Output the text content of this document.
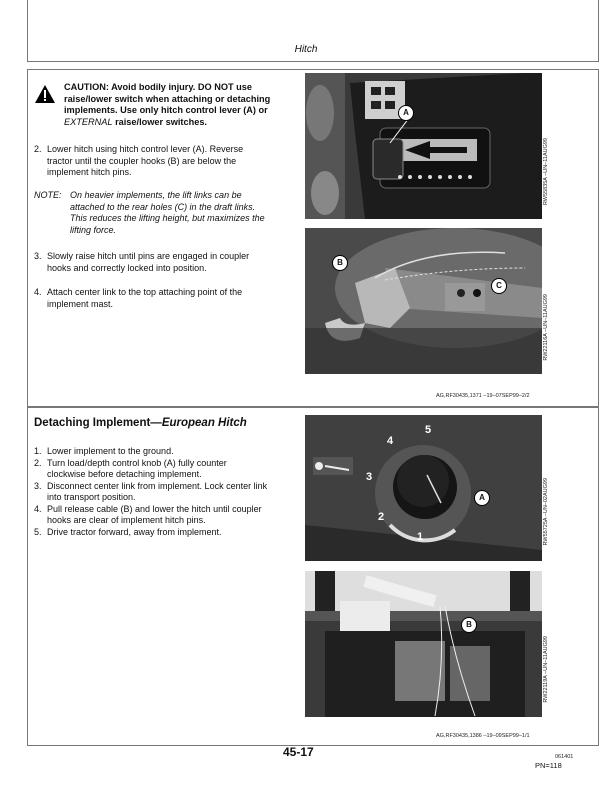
Hitch
CAUTION: Avoid bodily injury. DO NOT use
raise/lower switch when attaching or detaching
implements. Use only hitch control lever (A) or
EXTERNAL raise/lower switches.
2. Lower hitch using hitch control lever (A). Reverse
tractor until the coupler hooks (B) are below the
implement hitch pins.
NOTE: On heavier implements, the lift links can be
attached to the rear holes (C) in the draft links.
This reduces the lifting height, but maximizes the
lifting force.
3. Slowly raise hitch until pins are engaged in coupler
hooks and correctly locked into position.
4. Attach center link to the top attaching point of the
implement mast.
A
RW55835A –UN–11AUG99
B
C
RW22116A –UN–11AUG99
AG,RF30435,1371 –19–07SEP99–2/2
Detaching Implement—European Hitch
1. Lower implement to the ground.
2. Turn load/depth control knob (A) fully counter
clockwise before detaching implement.
3. Disconnect center link from implement. Lock center link
into transport position.
4. Pull release cable (B) and lower the hitch until coupler
hooks are clear of implement hitch pins.
5. Drive tractor forward, away from implement.	1
2
3
4
5
A	RW55725A –UN–02AUG99
B
RW22119A –UN–11AUG99
AG,RF30435,1386 –19–09SEP99–1/1
45-17	061401
PN=118
